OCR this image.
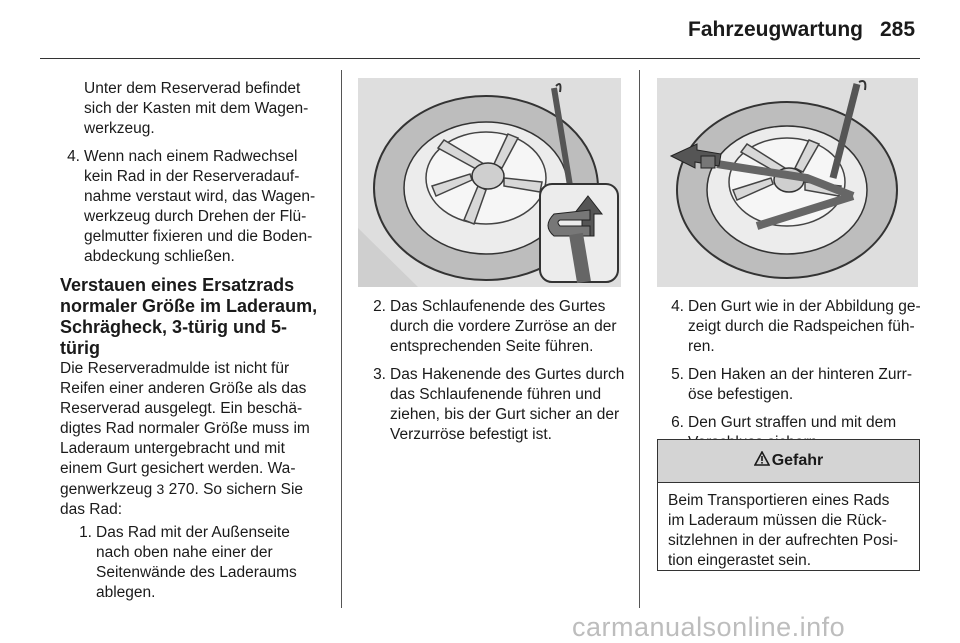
Fahrzeugwartung 285

Unter dem Reserverad befindet sich der Kasten mit dem Wagenwerkzeug.

4. Wenn nach einem Radwechsel kein Rad in der Reserveradaufnahme verstaut wird, das Wagenwerkzeug durch Drehen der Flügelmutter fixieren und die Bodenabdeckung schließen.

Verstauen eines Ersatzrads normaler Größe im Laderaum, Schrägheck, 3-türig und 5-türig

Die Reserveradmulde ist nicht für Reifen einer anderen Größe als das Reserverad ausgelegt. Ein beschädigtes Rad normaler Größe muss im Laderaum untergebracht und mit einem Gurt gesichert werden. Wagenwerkzeug 3 270. So sichern Sie das Rad:

1. Das Rad mit der Außenseite nach oben nahe einer der Seitenwände des Laderaums ablegen.
2. Das Schlaufenende des Gurtes durch die vordere Zurröse an der entsprechenden Seite führen.
3. Das Hakenende des Gurtes durch das Schlaufenende führen und ziehen, bis der Gurt sicher an der Verzurröse befestigt ist.
4. Den Gurt wie in der Abbildung gezeigt durch die Radspeichen führen.
5. Den Haken an der hinteren Zurröse befestigen.
6. Den Gurt straffen und mit dem
Gefahr
Beim Transportieren eines Rads im Laderaum müssen die Rücksitzlehnen in der aufrechten Position eingerastet sein.
carmanualsonline.info
